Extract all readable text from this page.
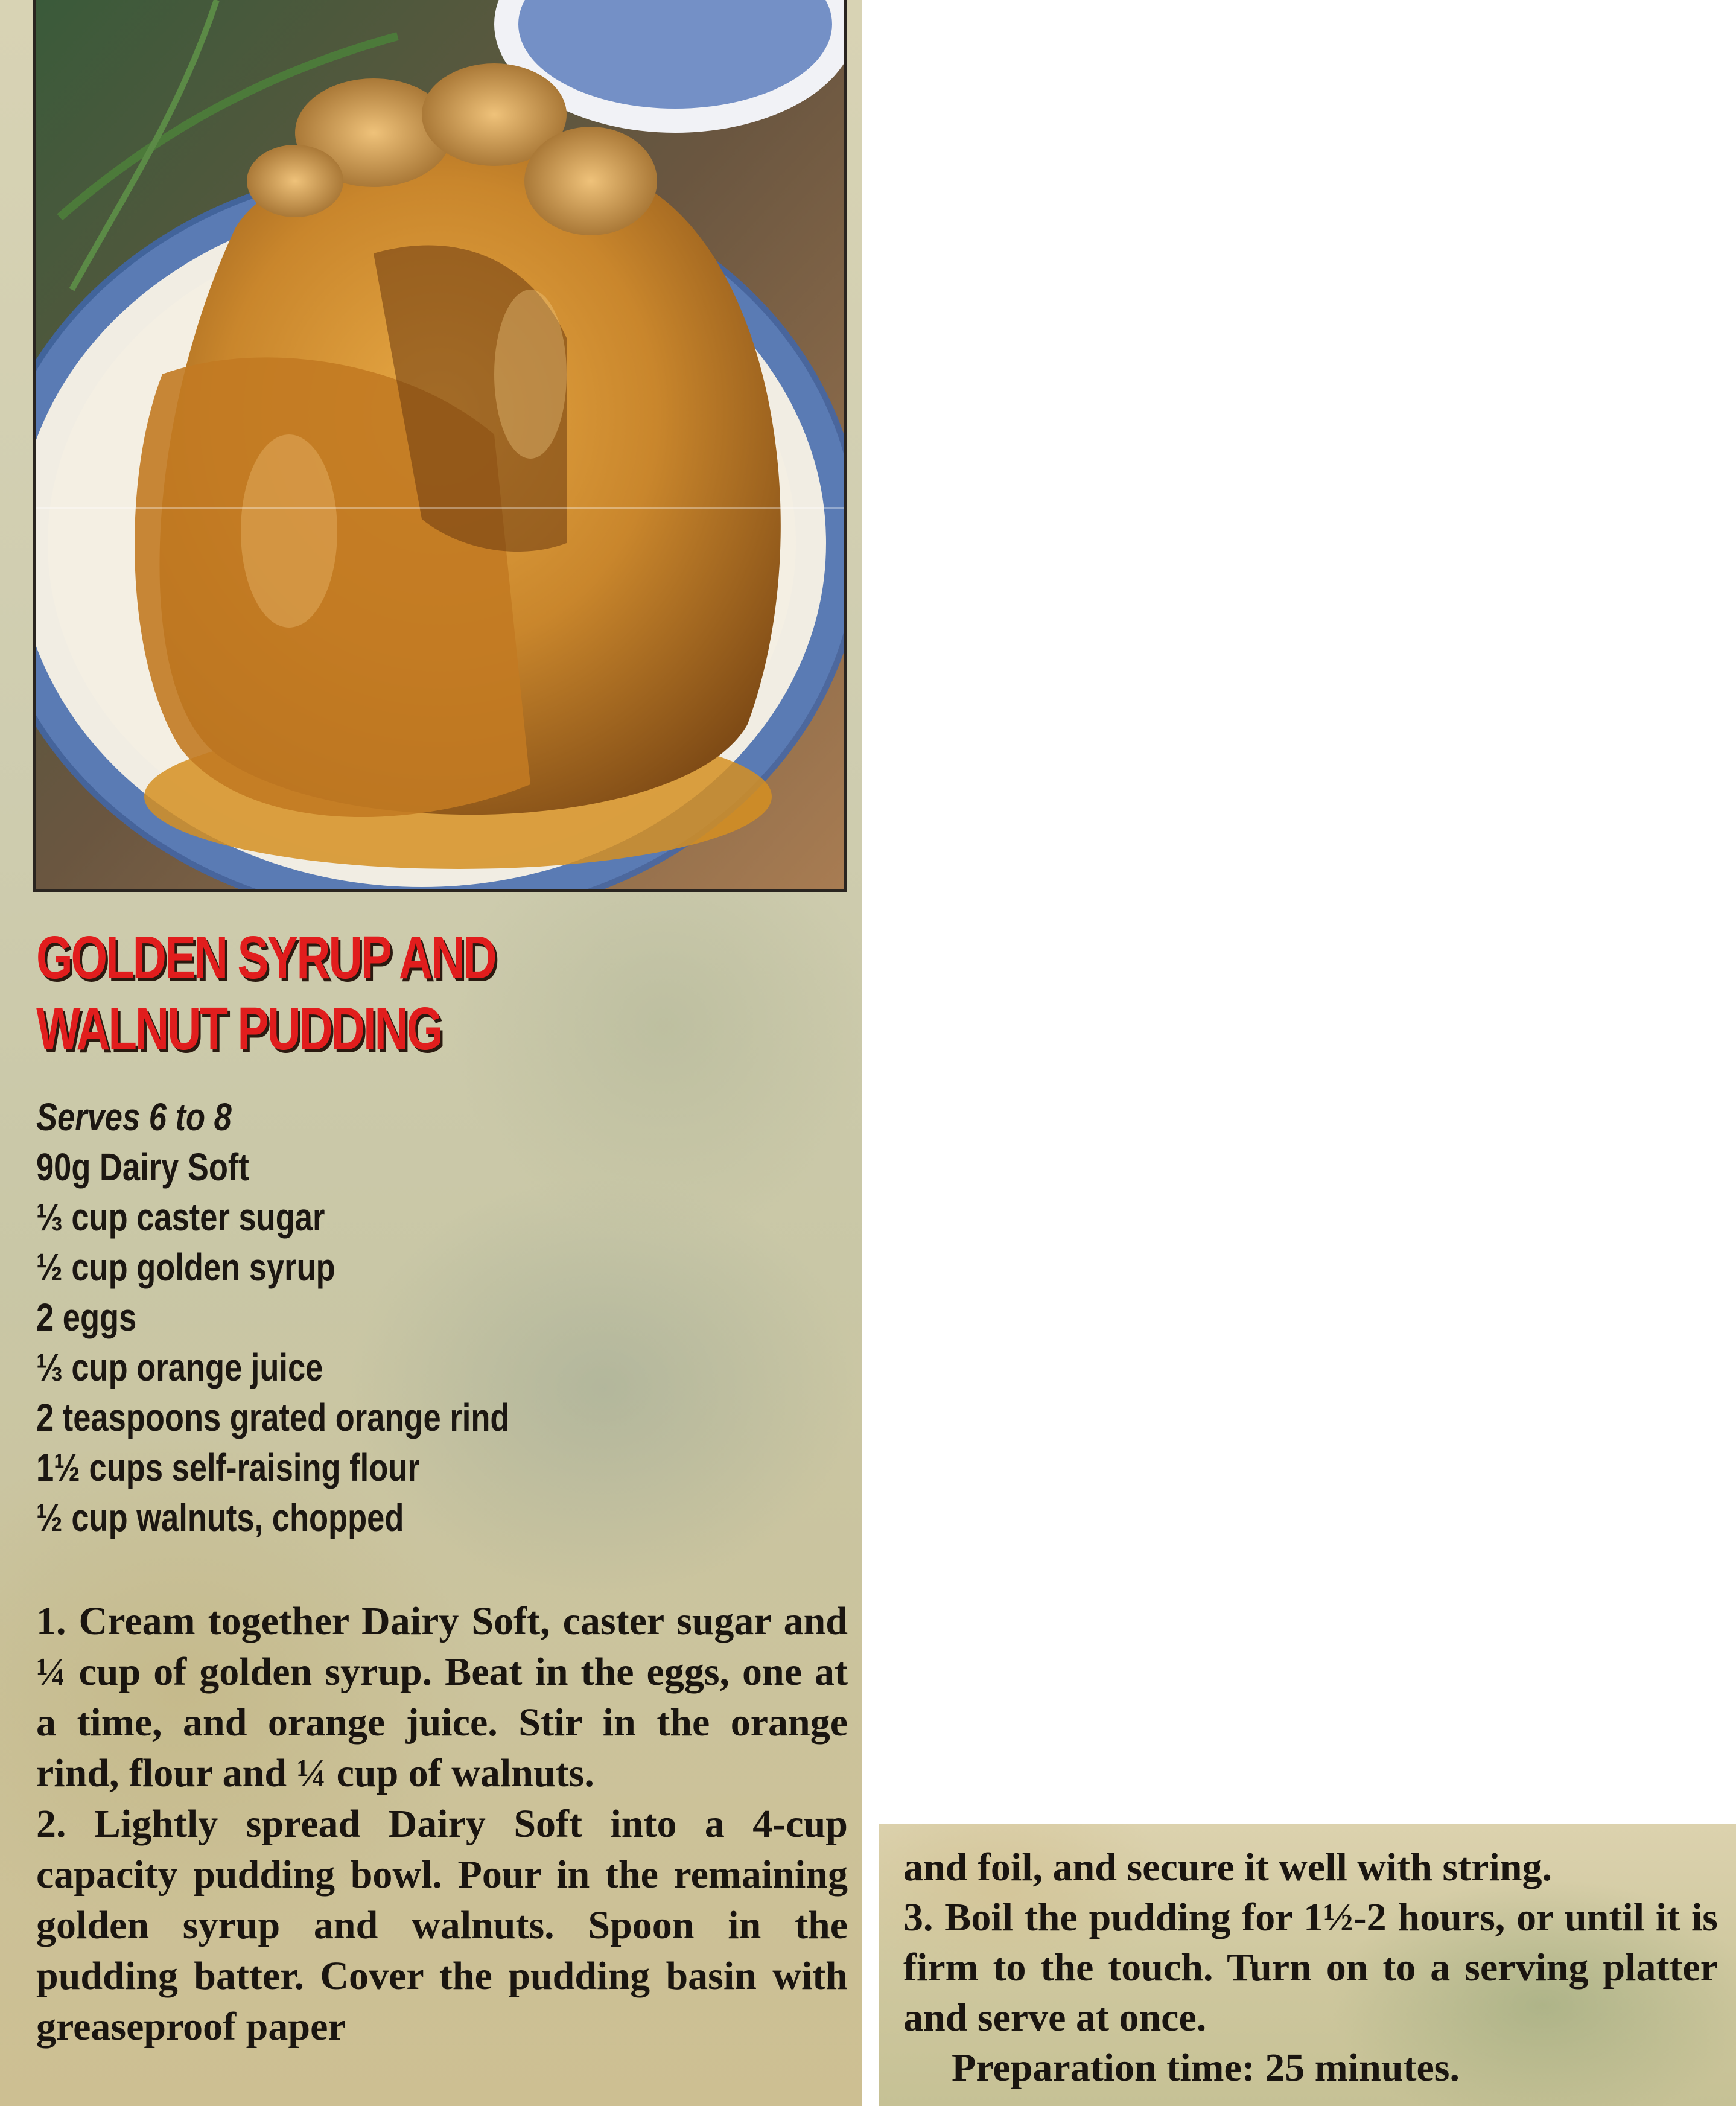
GOLDEN SYRUP AND
WALNUT PUDDING
Serves 6 to 8
90g Dairy Soft
⅓ cup caster sugar
½ cup golden syrup
2 eggs
⅓ cup orange juice
2 teaspoons grated orange rind
1½ cups self-raising flour
½ cup walnuts, chopped

1. Cream together Dairy Soft, caster sugar and ¼ cup of golden syrup. Beat in the eggs, one at a time, and orange juice. Stir in the orange rind, flour and ¼ cup of walnuts.

2. Lightly spread Dairy Soft into a 4-cup capacity pudding bowl. Pour in the remaining golden syrup and walnuts. Spoon in the pudding batter. Cover the pudding basin with greaseproof paper

and foil, and secure it well with string.

3. Boil the pudding for 1½-2 hours, or until it is firm to the touch. Turn on to a serving platter and serve at once.

Preparation time: 25 minutes.
